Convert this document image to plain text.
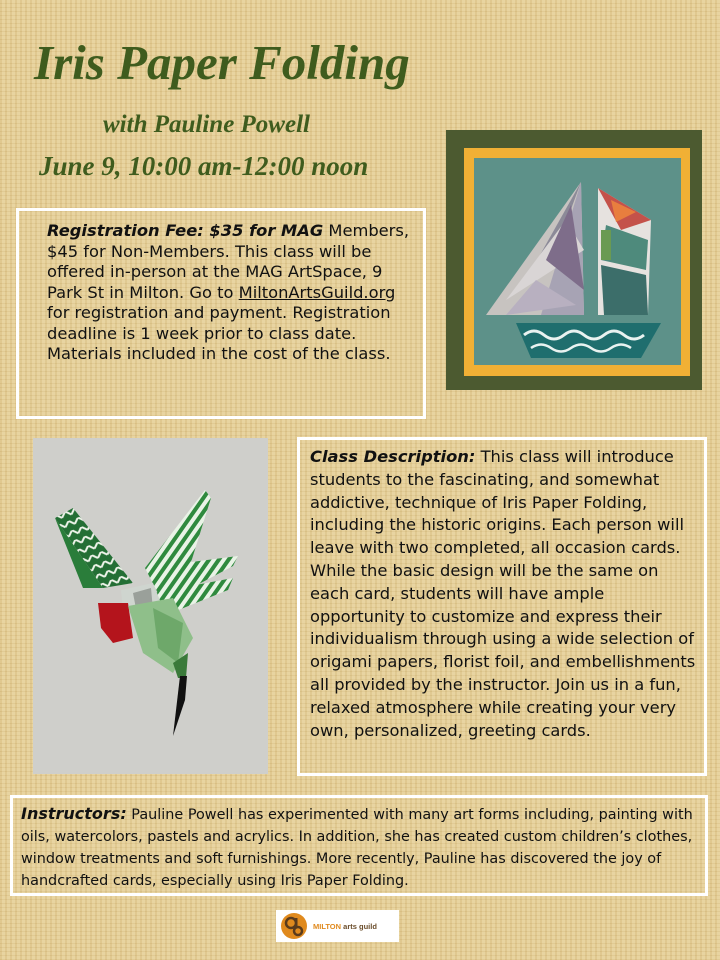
Iris Paper Folding
with Pauline Powell
June 9, 10:00 am-12:00 noon
Registration Fee: $35 for MAG Members, $45 for Non-Members. This class will be offered in-person at the MAG ArtSpace, 9 Park St in Milton. Go to MiltonArtsGuild.org for registration and payment. Registration deadline is 1 week prior to class date. Materials included in the cost of the class.
Class Description: This class will introduce students to the fascinating, and somewhat addictive, technique of Iris Paper Folding, including the historic origins. Each person will leave with two completed, all occasion cards. While the basic design will be the same on each card, students will have ample opportunity to customize and express their individualism through using a wide selection of origami papers, florist foil, and embellishments all provided by the instructor. Join us in a fun, relaxed atmosphere while creating your very own, personalized, greeting cards.
Instructors: Pauline Powell has experimented with many art forms including, painting with oils, watercolors, pastels and acrylics. In addition, she has created custom children’s clothes, window treatments and soft furnishings. More recently, Pauline has discovered the joy of handcrafted cards, especially using Iris Paper Folding.
MILTON arts guild
